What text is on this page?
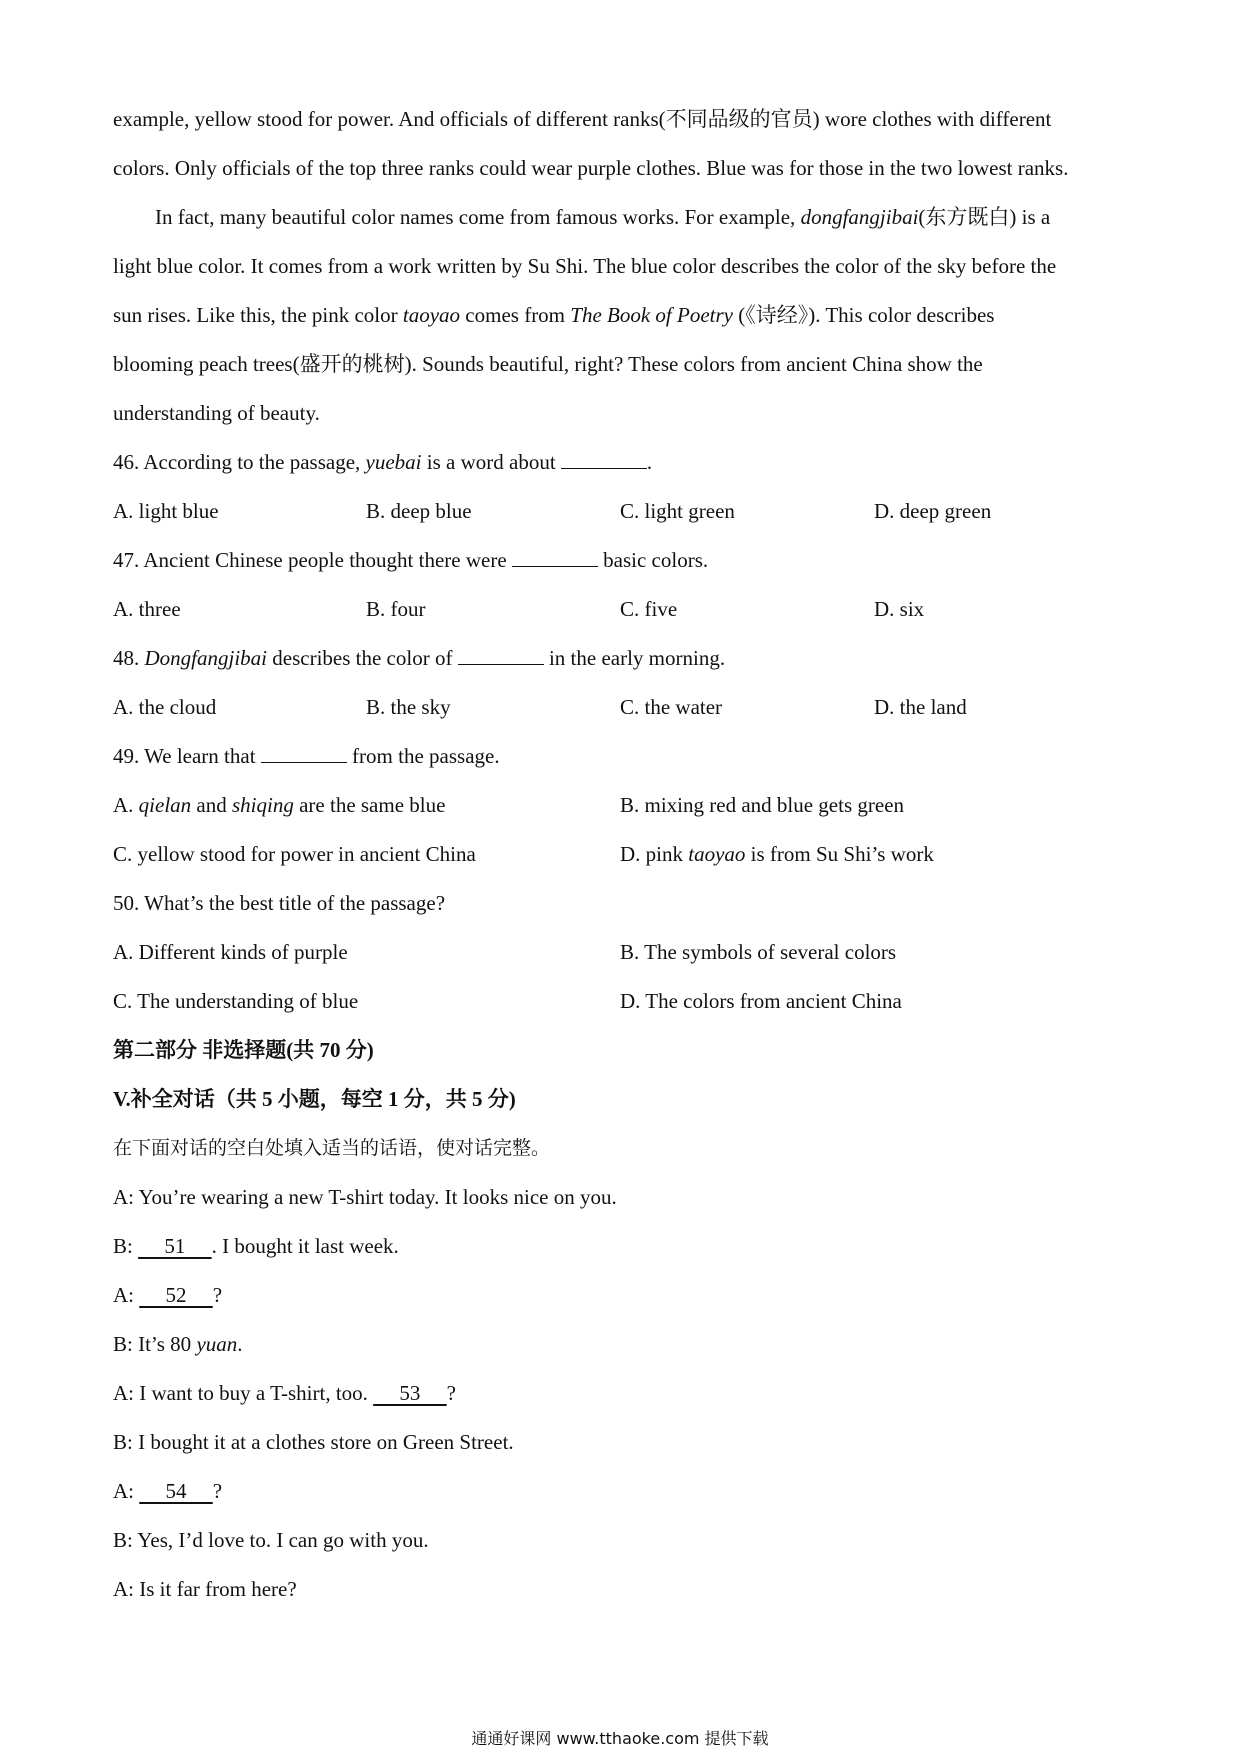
example, yellow stood for power. And officials of different ranks(不同品级的官员) wore clothes with different
colors. Only officials of the top three ranks could wear purple clothes. Blue was for those in the two lowest ranks.
In fact, many beautiful color names come from famous works. For example, dongfangjibai(东方既白) is a
light blue color. It comes from a work written by Su Shi. The blue color describes the color of the sky before the
sun rises. Like this, the pink color taoyao comes from The Book of Poetry (《诗经》). This color describes
blooming peach trees(盛开的桃树). Sounds beautiful, right? These colors from ancient China show the
understanding of beauty.
46. According to the passage, yuebai is a word about	.
A. light blue	B. deep blue	C. light green	D. deep green
47. Ancient Chinese people thought there were	basic colors.
A. three	B. four	C. five	D. six
48. Dongfangjibai describes the color of	in the early morning.
A. the cloud	B. the sky	C. the water	D. the land
49. We learn that	from the passage.
A. qielan and shiqing are the same blue	B. mixing red and blue gets green
C. yellow stood for power in ancient China	D. pink taoyao is from Su Shi’s work
50. What’s the best title of the passage?
A. Different kinds of purple	B. The symbols of several colors
C. The understanding of blue	D. The colors from ancient China
第二部分 非选择题(共 70 分)
V.补全对话（共 5 小题，每空 1 分，共 5 分)
在下面对话的空白处填入适当的话语，使对话完整。
A: You’re wearing a new T-shirt today. It looks nice on you.
B:      51     . I bought it last week.
A:      52     ?
B: It’s 80 yuan.
A: I want to buy a T-shirt, too.      53     ?
B: I bought it at a clothes store on Green Street.
A:      54     ?
B: Yes, I’d love to. I can go with you.
A: Is it far from here?
通通好课网 www.tthaoke.com 提供下载
